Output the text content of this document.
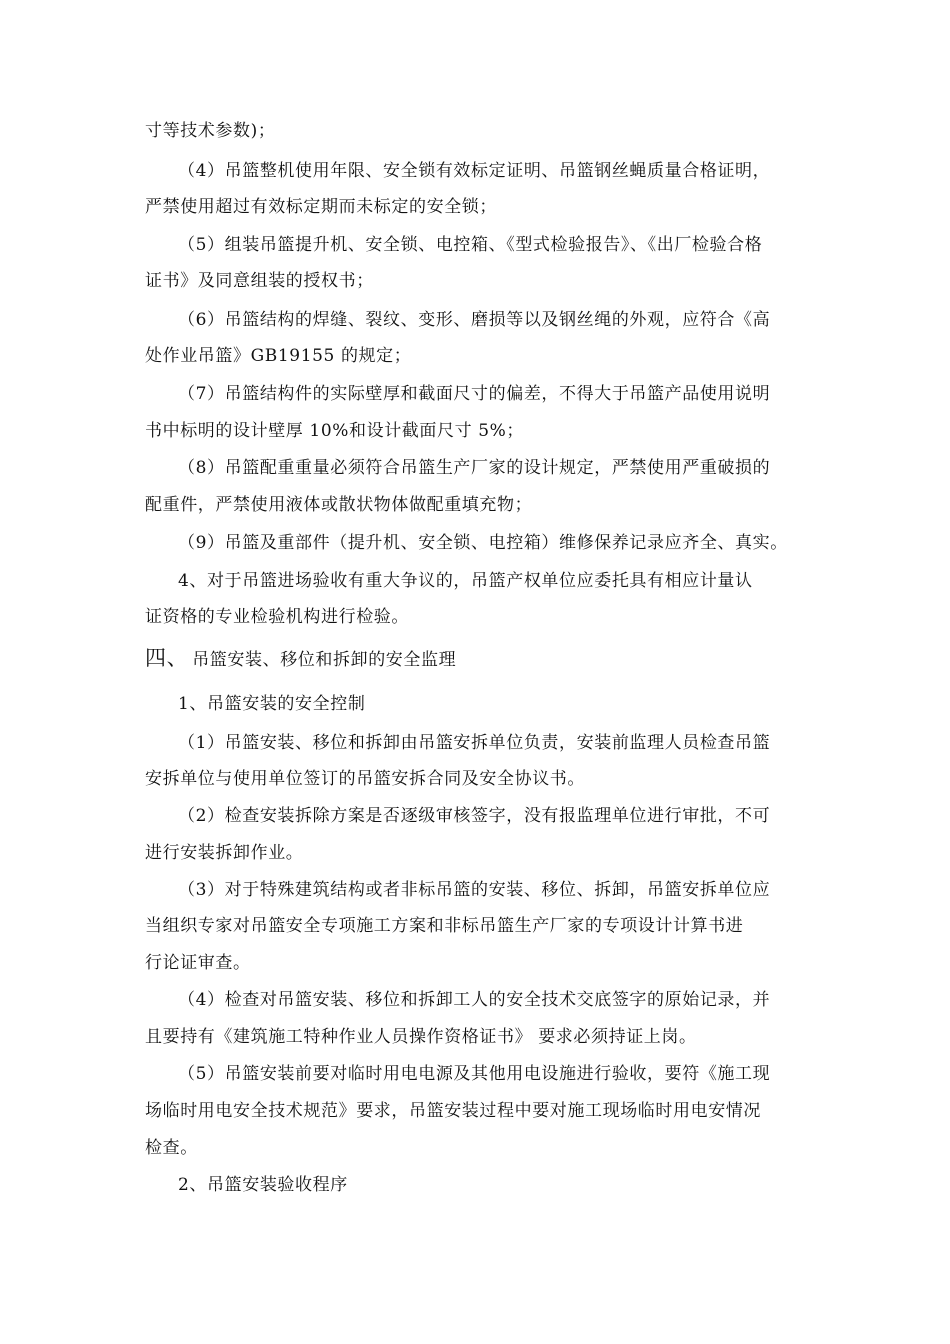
寸等技术参数)；
（4）吊篮整机使用年限、安全锁有效标定证明、吊篮钢丝蝇质量合格证明，
严禁使用超过有效标定期而未标定的安全锁；
（5）组装吊篮提升机、安全锁、电控箱、《型式检验报告》、《出厂检验合格
证书》及同意组装的授权书；
（6）吊篮结构的焊缝、裂纹、变形、磨损等以及钢丝绳的外观，应符合《高
处作业吊篮》GB19155 的规定；
（7）吊篮结构件的实际壁厚和截面尺寸的偏差，不得大于吊篮产品使用说明
书中标明的设计壁厚 10%和设计截面尺寸 5%；
（8）吊篮配重重量必须符合吊篮生产厂家的设计规定，严禁使用严重破损的
配重件，严禁使用液体或散状物体做配重填充物；
（9）吊篮及重部件（提升机、安全锁、电控箱）维修保养记录应齐全、真实。
4、对于吊篮进场验收有重大争议的，吊篮产权单位应委托具有相应计量认
证资格的专业检验机构进行检验。
四、 吊篮安装、移位和拆卸的安全监理
1、吊篮安装的安全控制
（1）吊篮安装、移位和拆卸由吊篮安拆单位负责，安装前监理人员检查吊篮
安拆单位与使用单位签订的吊篮安拆合同及安全协议书。
（2）检查安装拆除方案是否逐级审核签字，没有报监理单位进行审批，不可
进行安装拆卸作业。
（3）对于特殊建筑结构或者非标吊篮的安装、移位、拆卸，吊篮安拆单位应
当组织专家对吊篮安全专项施工方案和非标吊篮生产厂家的专项设计计算书进
行论证审查。
（4）检查对吊篮安装、移位和拆卸工人的安全技术交底签字的原始记录，并
且要持有《建筑施工特种作业人员操作资格证书》 要求必须持证上岗。
（5）吊篮安装前要对临时用电电源及其他用电设施进行验收，要符《施工现
场临时用电安全技术规范》要求，吊篮安装过程中要对施工现场临时用电安情况
检查。
2、吊篮安装验收程序
